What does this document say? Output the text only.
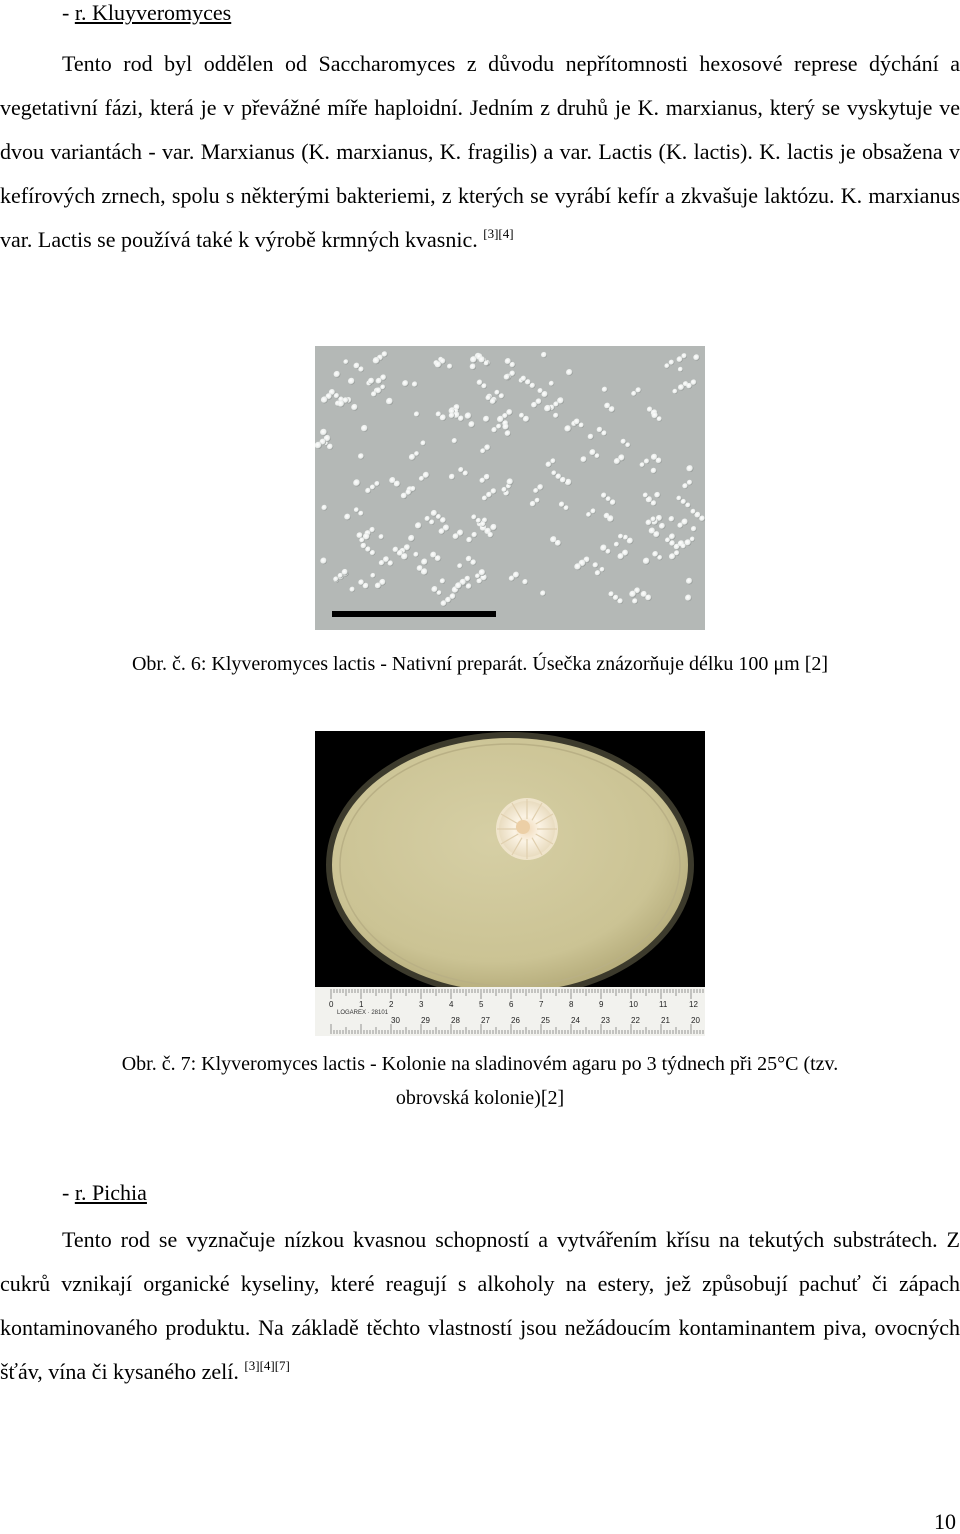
- r. Kluyveromyces
Tento rod byl oddělen od Saccharomyces z důvodu nepřítomnosti hexosové represe dýchání a vegetativní fázi, která je v převážné míře haploidní. Jedním z druhů je K. marxianus, který se vyskytuje ve dvou variantách - var. Marxianus (K. marxianus, K. fragilis) a var. Lactis (K. lactis). K. lactis je obsažena v kefírových zrnech, spolu s některými bakteriemi, z kterých se vyrábí kefír a zkvašuje laktózu. K. marxianus var. Lactis se používá také k výrobě krmných kvasnic. [3][4]
Obr. č. 6: Klyveromyces lactis - Nativní preparát. Úsečka znázorňuje délku 100 μm [2]
0	1	2	3	4	5	6	7	8	9	10	11	12
30	29	28	27	26	25	24	23	22	21	20
LOGAREX · 28101
Obr. č. 7: Klyveromyces lactis - Kolonie na sladinovém agaru po 3 týdnech při 25°C (tzv.
obrovská kolonie)[2]
- r. Pichia
Tento rod se vyznačuje nízkou kvasnou schopností a vytvářením křísu na tekutých substrátech. Z cukrů vznikají organické kyseliny, které reagují s alkoholy na estery, jež způsobují pachuť či zápach kontaminovaného produktu. Na základě těchto vlastností jsou nežádoucím kontaminantem piva, ovocných šťáv, vína či kysaného zelí. [3][4][7]
10
